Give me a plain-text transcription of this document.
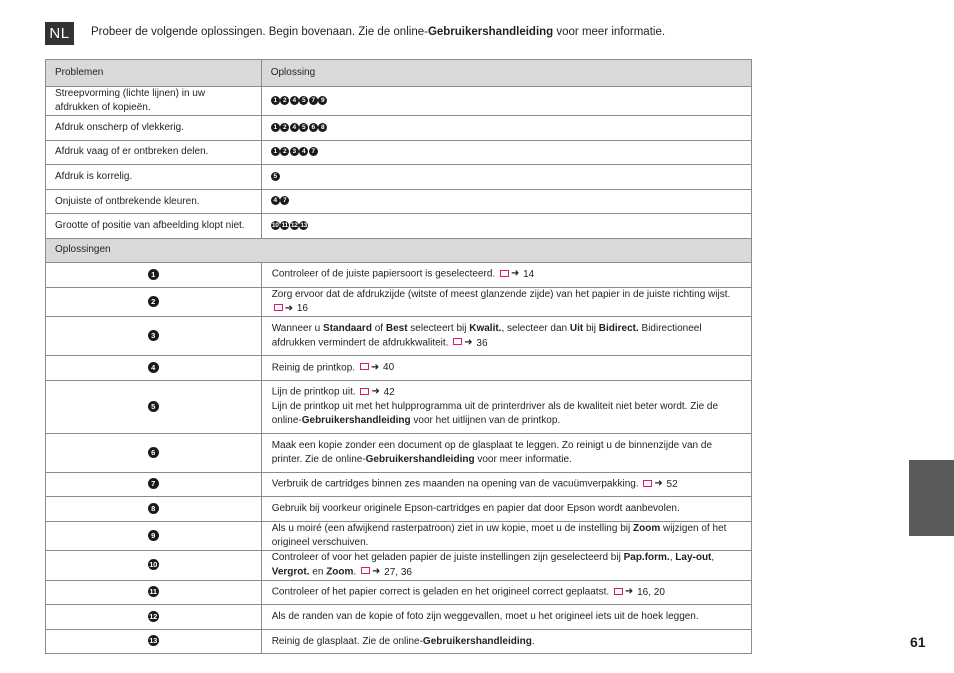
NL	Probeer de volgende oplossingen. Begin bovenaan. Zie de online-Gebruikershandleiding voor meer informatie.
Problemen	Oplossing
Streepvorming (lichte lijnen) in uw afdrukken of kopieën.	1 2 4 5 7 9
Afdruk onscherp of vlekkerig.	1 2 4 5 6 8
Afdruk vaag of er ontbreken delen.	1 2 3 4 7
Afdruk is korrelig.	5
Onjuiste of ontbrekende kleuren.	4 7
Grootte of positie van afbeelding klopt niet.	10 11 12 13
Oplossingen	
1	Controleer of de juiste papiersoort is geselecteerd. ➜ 14
2	Zorg ervoor dat de afdrukzijde (witste of meest glanzende zijde) van het papier in de juiste richting wijst. ➜ 16
3	Wanneer u Standaard of Best selecteert bij Kwalit., selecteer dan Uit bij Bidirect. Bidirectioneel afdrukken vermindert de afdrukkwaliteit. ➜ 36
4	Reinig de printkop. ➜ 40
5	Lijn de printkop uit. ➜ 42
Lijn de printkop uit met het hulpprogramma uit de printerdriver als de kwaliteit niet beter wordt. Zie de online-Gebruikershandleiding voor het uitlijnen van de printkop.
6	Maak een kopie zonder een document op de glasplaat te leggen. Zo reinigt u de binnenzijde van de printer. Zie de online-Gebruikershandleiding voor meer informatie.
7	Verbruik de cartridges binnen zes maanden na opening van de vacuümverpakking. ➜ 52
8	Gebruik bij voorkeur originele Epson-cartridges en papier dat door Epson wordt aanbevolen.
9	Als u moiré (een afwijkend rasterpatroon) ziet in uw kopie, moet u de instelling bij Zoom wijzigen of het origineel verschuiven.
10	Controleer of voor het geladen papier de juiste instellingen zijn geselecteerd bij Pap.form., Lay-out, Vergrot. en Zoom. ➜ 27, 36
11	Controleer of het papier correct is geladen en het origineel correct geplaatst. ➜ 16, 20
12	Als de randen van de kopie of foto zijn weggevallen, moet u het origineel iets uit de hoek leggen.
13	Reinig de glasplaat. Zie de online-Gebruikershandleiding.	61
